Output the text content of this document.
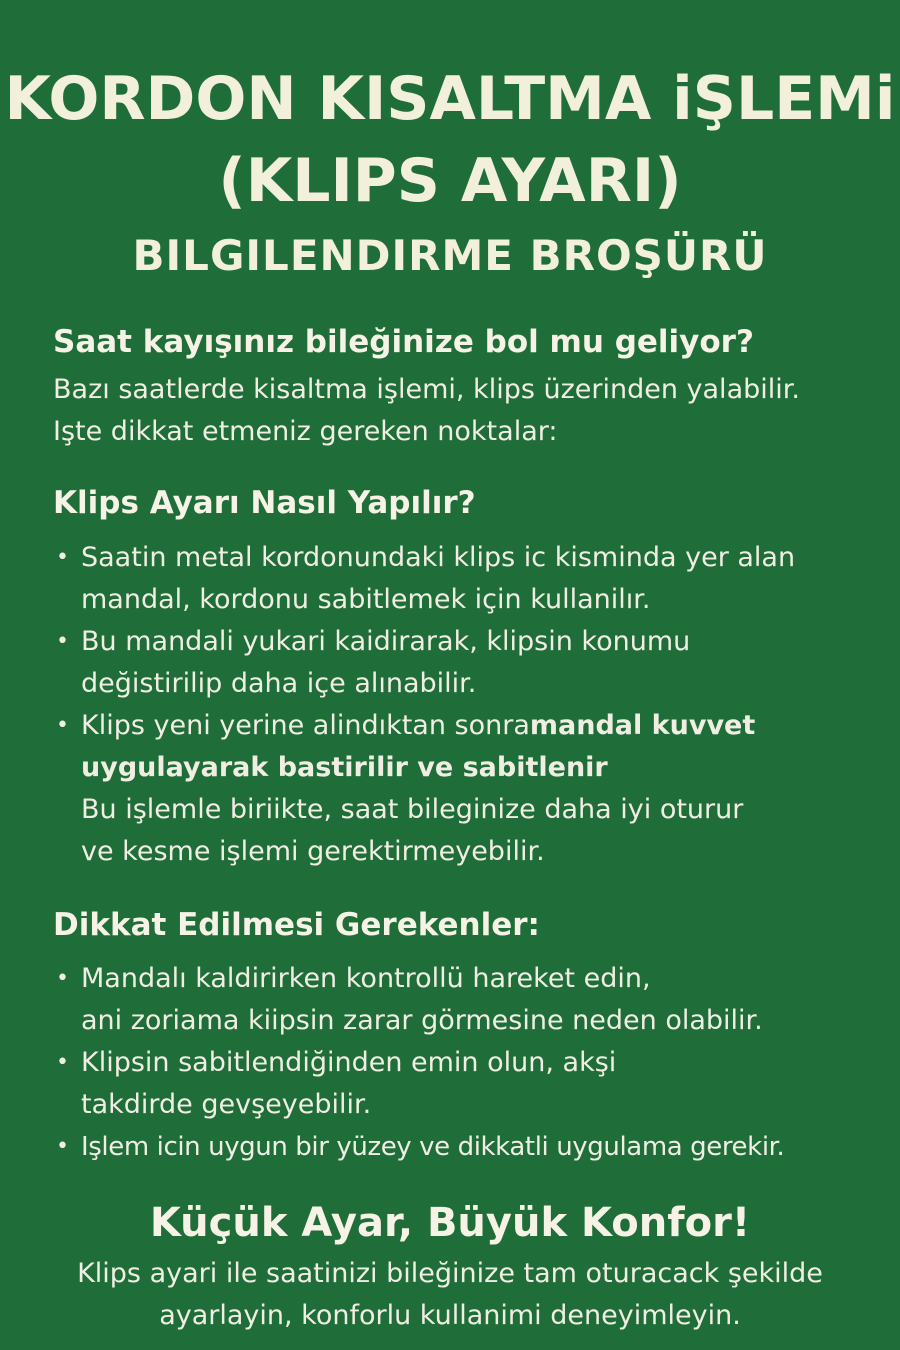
KORDON KISALTMA iŞLEMi
(KLIPS AYARI)
BILGILENDIRME BROŞÜRÜ
Saat kayışınız bileğinize bol mu geliyor?

Bazı saatlerde kisaltma işlemi, klips üzerinden yalabilir.
Işte dikkat etmeniz gereken noktalar:

Klips Ayarı Nasıl Yapılır?
• Saatin metal kordonundaki klips ic kisminda yer alan
mandal, kordonu sabitlemek için kullanilır.
• Bu mandali yukari kaidirarak, klipsin konumu
değistirilip daha içe alınabilir.
• Klips yeni yerine alindıktan sonramandal kuvvet
uygulayarak bastirilir ve sabitlenir
Bu işlemle biriikte, saat bileginize daha iyi oturur
ve kesme işlemi gerektirmeyebilir.
Dikkat Edilmesi Gerekenler:
• Mandalı kaldirirken kontrollü hareket edin,
ani zoriama kiipsin zarar görmesine neden olabilir.
• Klipsin sabitlendiğinden emin olun, akşi
takdirde gevşeyebilir.
• Işlem icin uygun bir yüzey ve dikkatli uygulama gerekir.
Küçük Ayar, Büyük Konfor!

Klips ayari ile saatinizi bileğinize tam oturacack şekilde
ayarlayin, konforlu kullanimi deneyimleyin.
